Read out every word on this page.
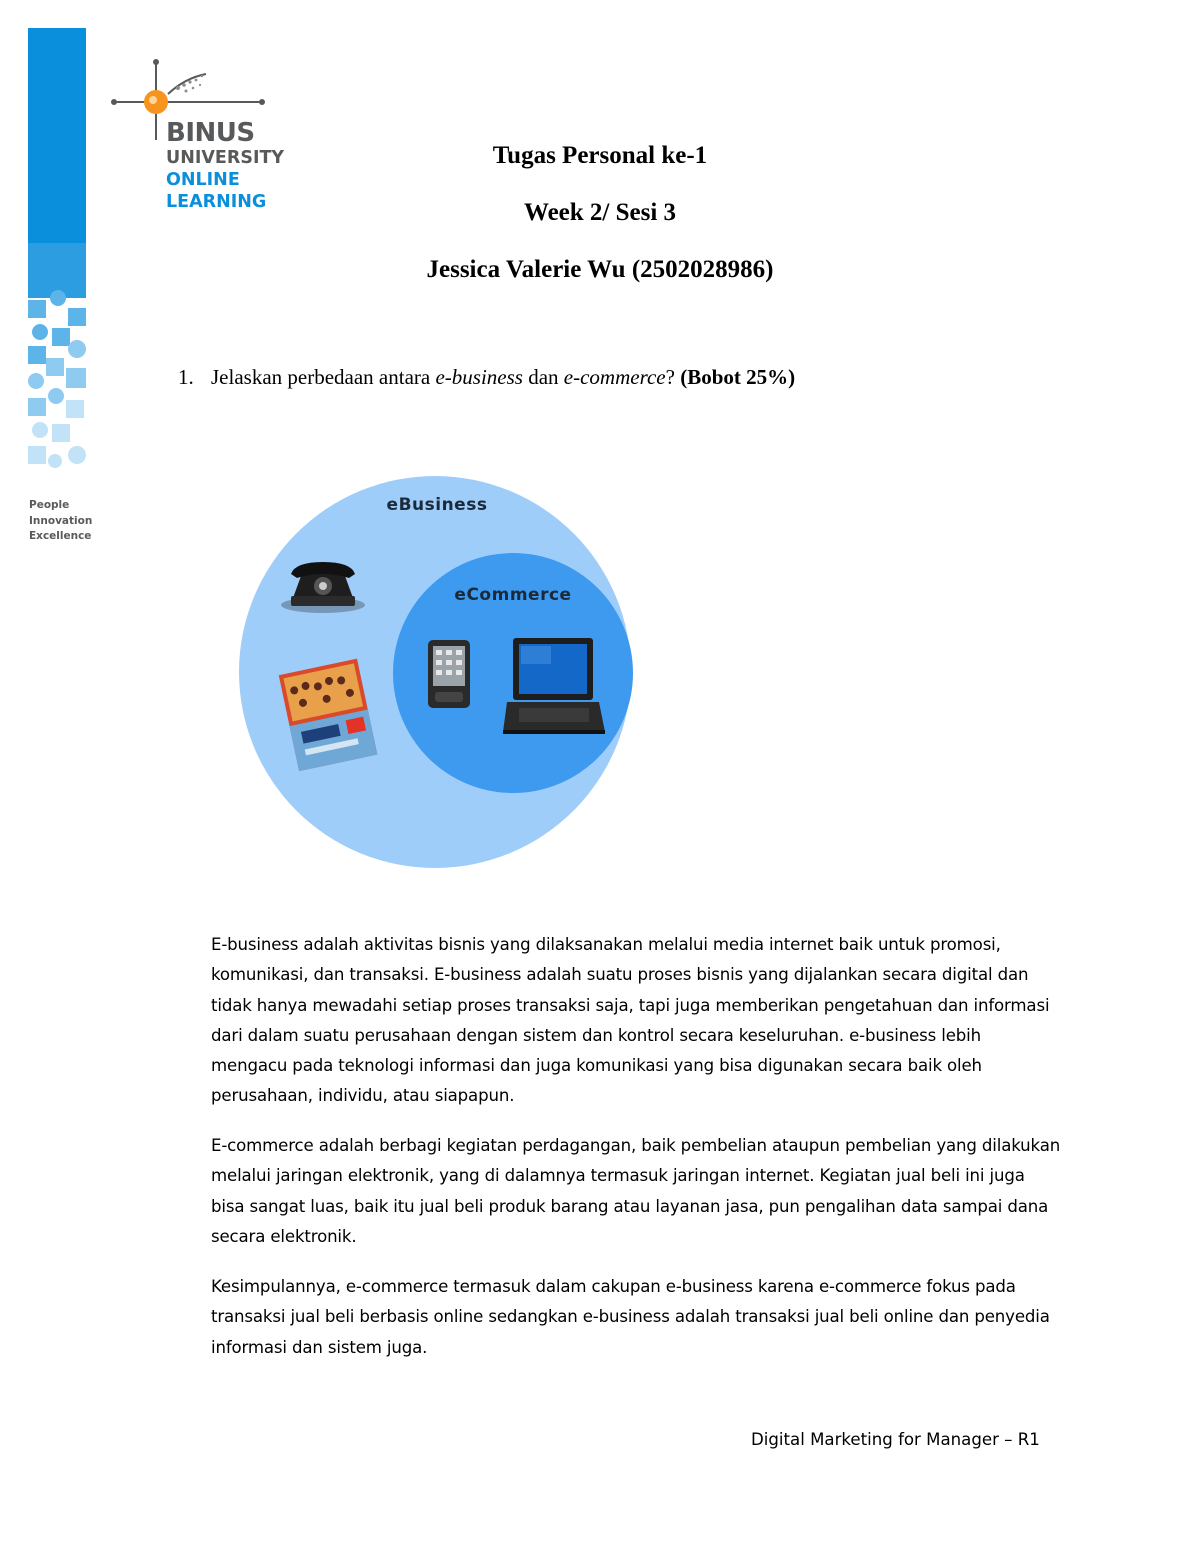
People
Innovation
Excellence
BINUS
UNIVERSITY
ONLINE
LEARNING
Tugas Personal ke-1
Week 2/ Sesi 3
Jessica Valerie Wu (2502028986)
1. Jelaskan perbedaan antara e-business dan e-commerce? (Bobot 25%)
eBusiness
eCommerce

E-business adalah aktivitas bisnis yang dilaksanakan melalui media internet baik untuk promosi, komunikasi, dan transaksi. E-business adalah suatu proses bisnis yang dijalankan secara digital dan tidak hanya mewadahi setiap proses transaksi saja, tapi juga memberikan pengetahuan dan informasi dari dalam suatu perusahaan dengan sistem dan kontrol secara keseluruhan. e-business lebih mengacu pada teknologi informasi dan juga komunikasi yang bisa digunakan secara baik oleh perusahaan, individu, atau siapapun.

E-commerce adalah berbagi kegiatan perdagangan, baik pembelian ataupun pembelian yang dilakukan melalui jaringan elektronik, yang di dalamnya termasuk jaringan internet. Kegiatan jual beli ini juga bisa sangat luas, baik itu jual beli produk barang atau layanan jasa, pun pengalihan data sampai dana secara elektronik.

Kesimpulannya, e-commerce termasuk dalam cakupan e-business karena e-commerce fokus pada transaksi jual beli berbasis online sedangkan e-business adalah transaksi jual beli online dan penyedia informasi dan sistem juga.

Digital Marketing for Manager – R1
